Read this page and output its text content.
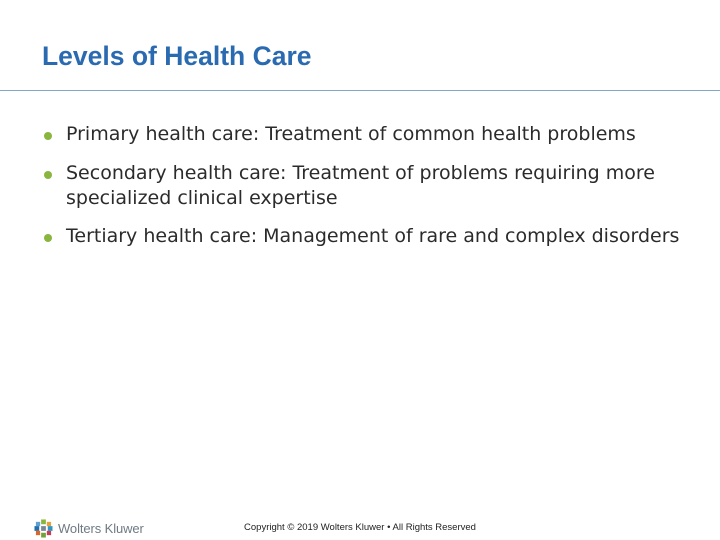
Levels of Health Care
Primary health care: Treatment of common health problems
Secondary health care: Treatment of problems requiring more specialized clinical expertise
Tertiary health care: Management of rare and complex disorders
Wolters Kluwer	Copyright © 2019 Wolters Kluwer • All Rights Reserved
